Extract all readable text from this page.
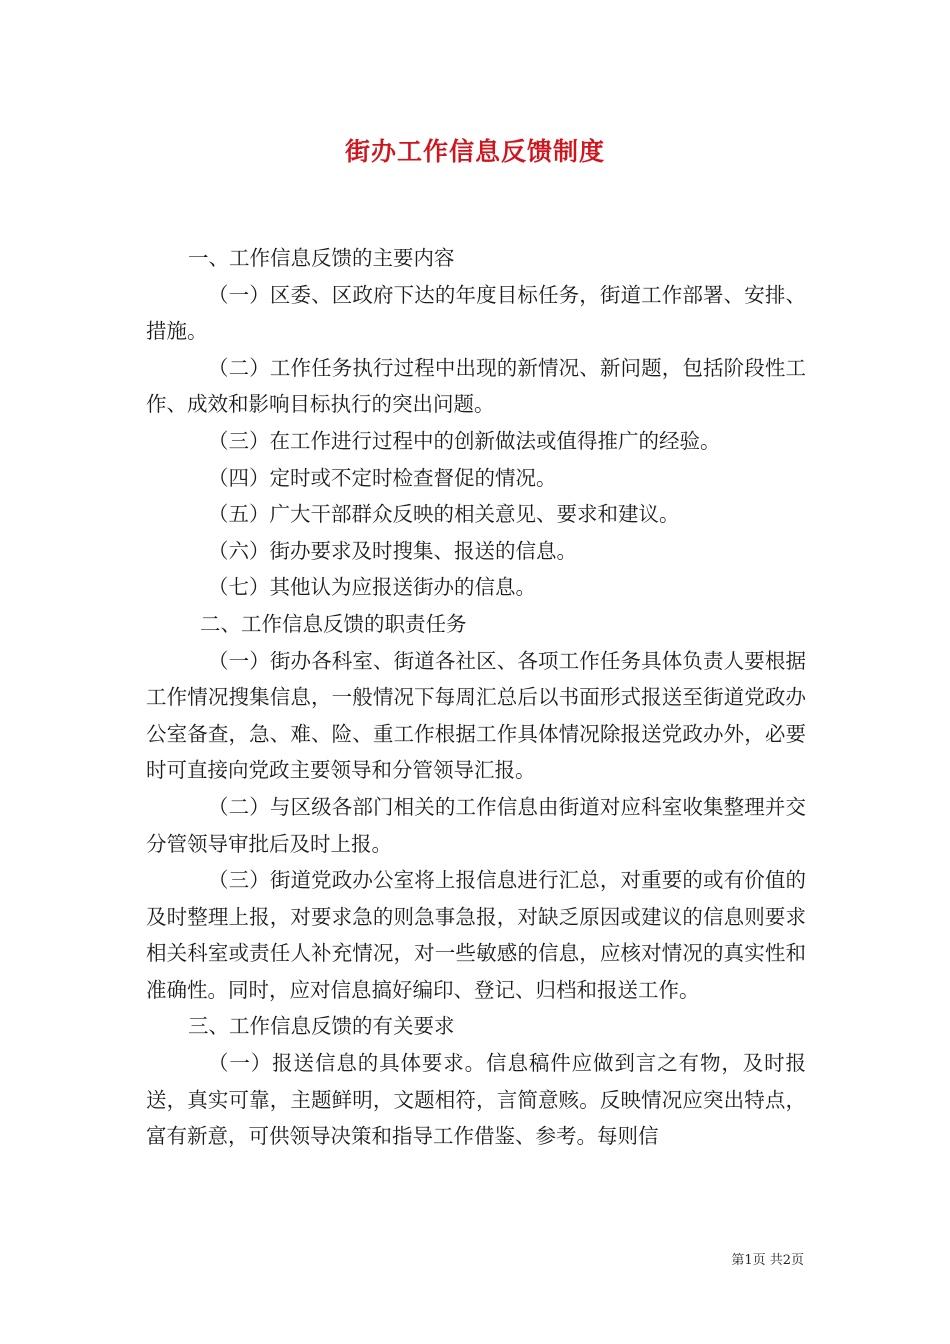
街办工作信息反馈制度

一、工作信息反馈的主要内容

（一）区委、区政府下达的年度目标任务，街道工作部署、安排、措施。

（二）工作任务执行过程中出现的新情况、新问题，包括阶段性工作、成效和影响目标执行的突出问题。

（三）在工作进行过程中的创新做法或值得推广的经验。

（四）定时或不定时检查督促的情况。

（五）广大干部群众反映的相关意见、要求和建议。

（六）街办要求及时搜集、报送的信息。

（七）其他认为应报送街办的信息。

二、工作信息反馈的职责任务

（一）街办各科室、街道各社区、各项工作任务具体负责人要根据工作情况搜集信息，一般情况下每周汇总后以书面形式报送至街道党政办公室备查，急、难、险、重工作根据工作具体情况除报送党政办外，必要时可直接向党政主要领导和分管领导汇报。

（二）与区级各部门相关的工作信息由街道对应科室收集整理并交分管领导审批后及时上报。

（三）街道党政办公室将上报信息进行汇总，对重要的或有价值的及时整理上报，对要求急的则急事急报，对缺乏原因或建议的信息则要求相关科室或责任人补充情况，对一些敏感的信息，应核对情况的真实性和准确性。同时，应对信息搞好编印、登记、归档和报送工作。

三、工作信息反馈的有关要求

（一）报送信息的具体要求。信息稿件应做到言之有物，及时报送，真实可靠，主题鲜明，文题相符，言简意赅。反映情况应突出特点，富有新意，可供领导决策和指导工作借鉴、参考。每则信

第1页 共2页
